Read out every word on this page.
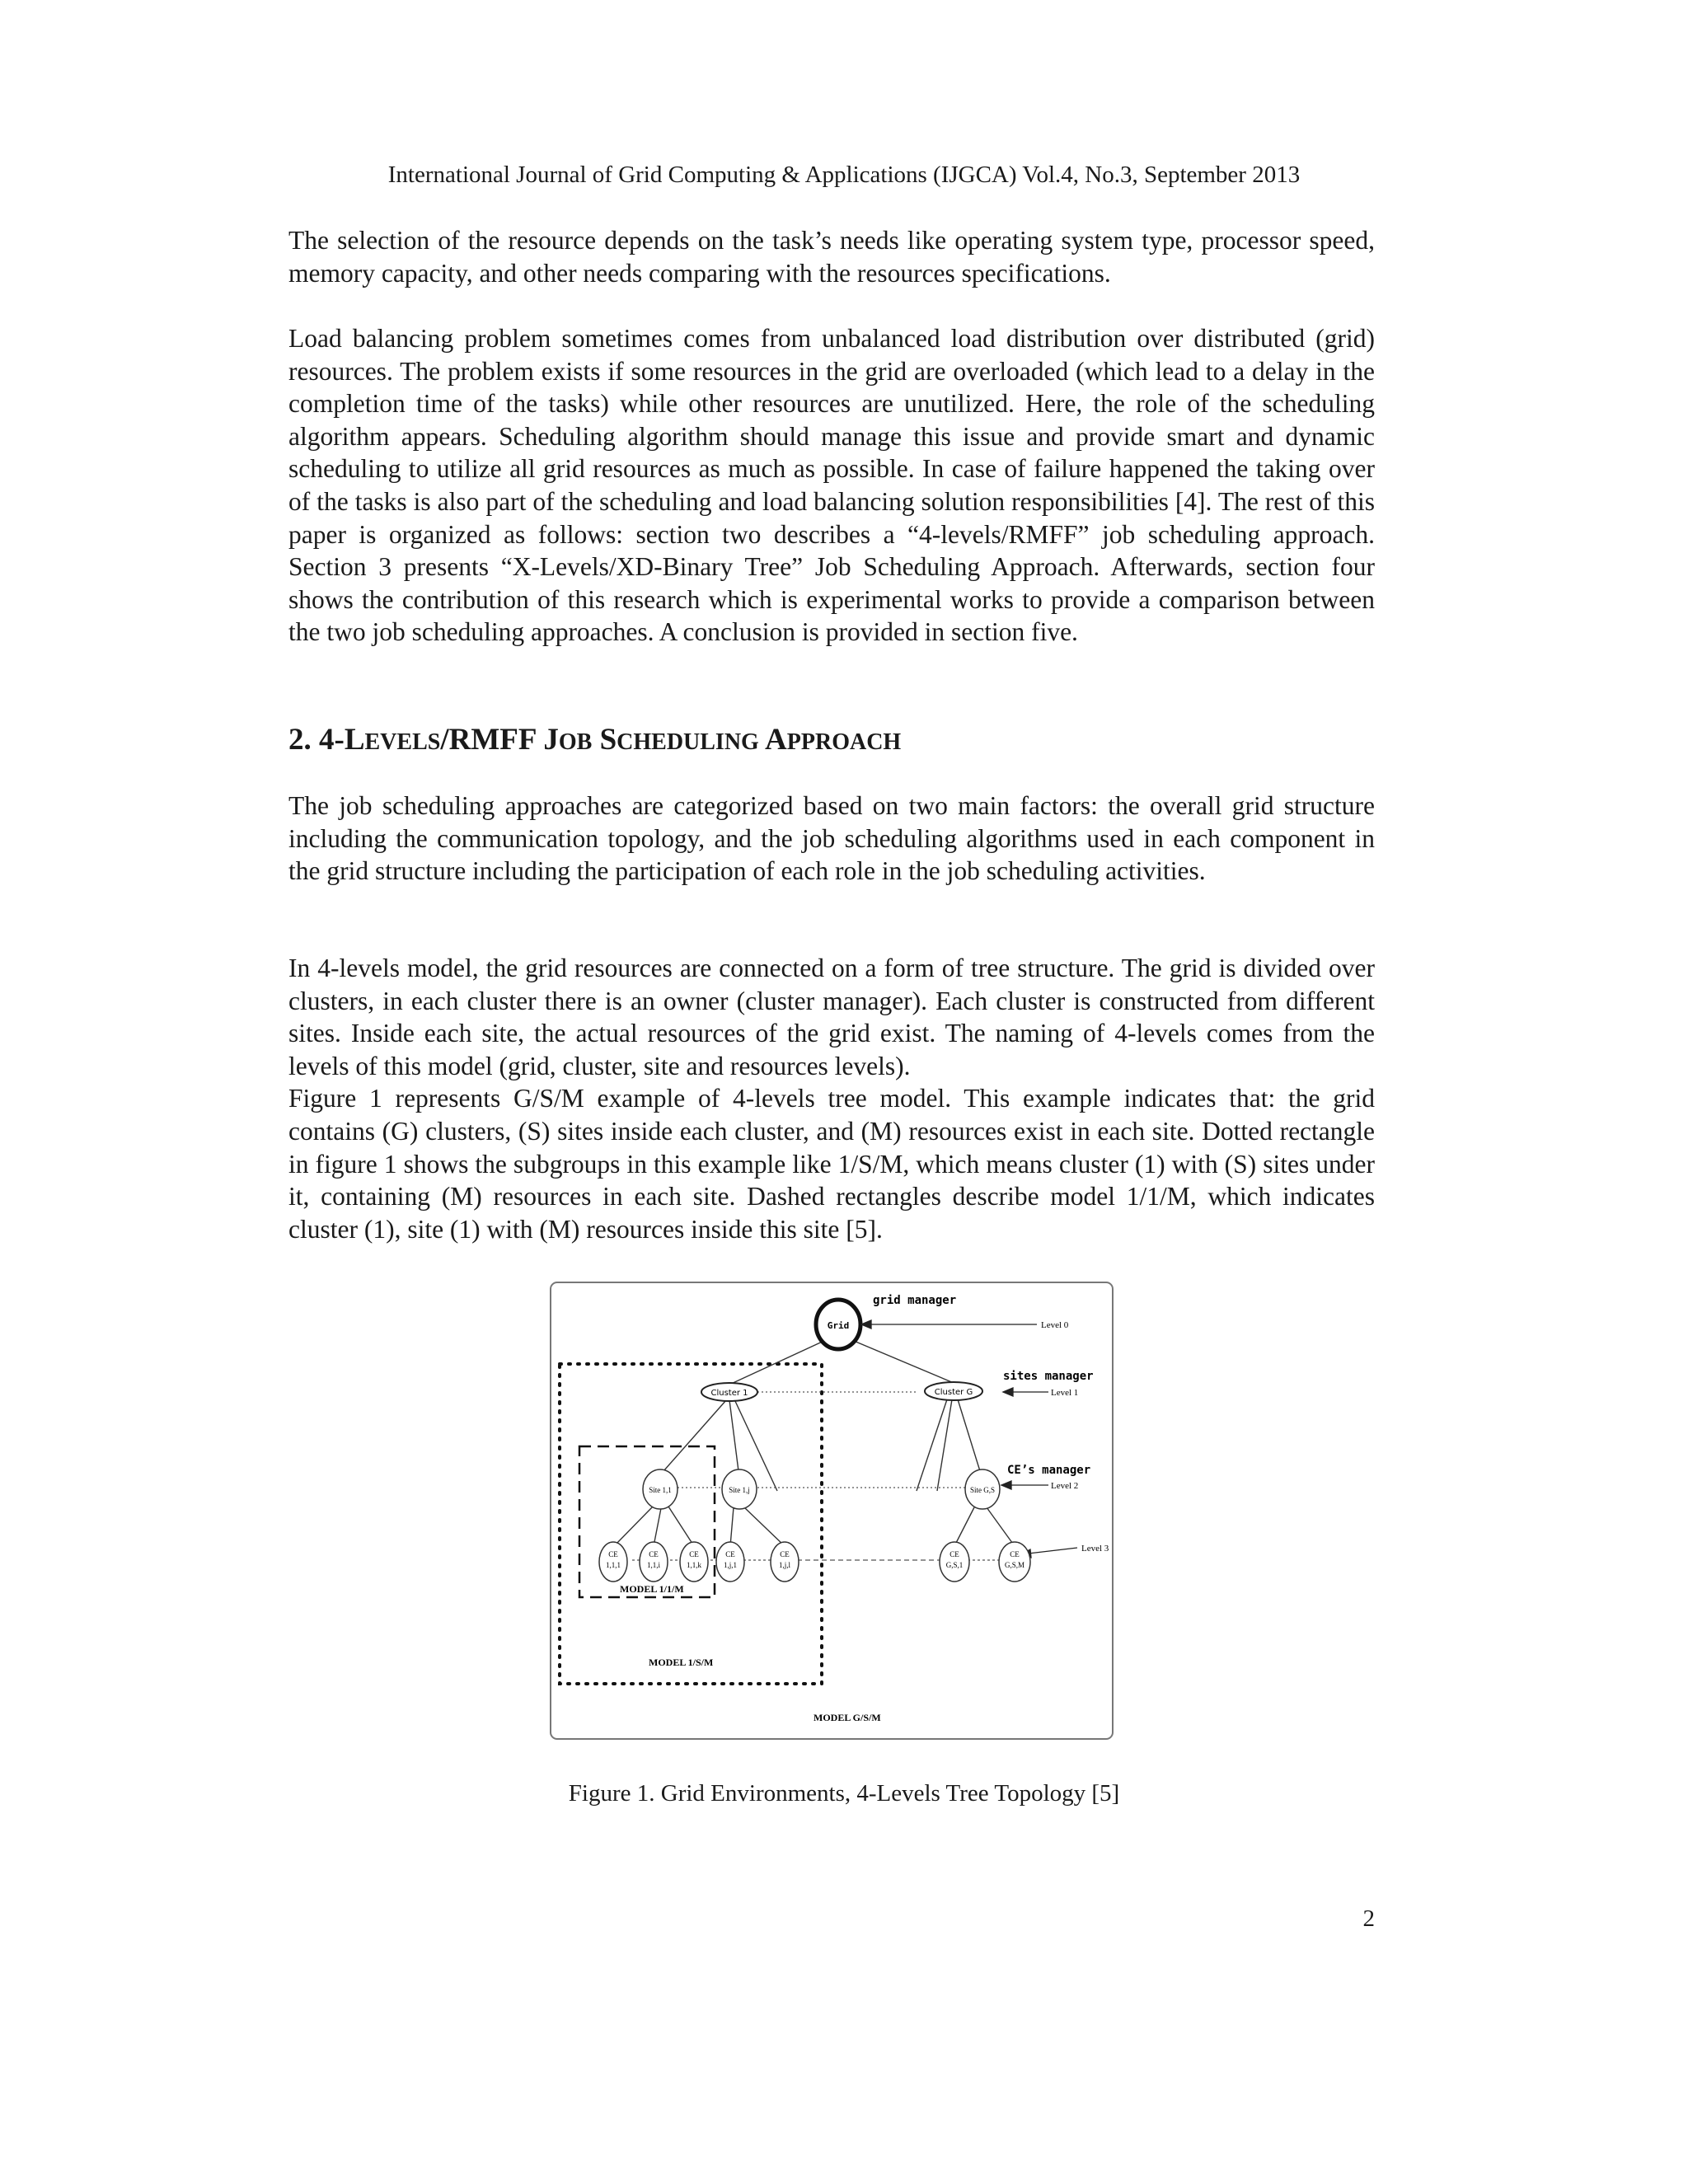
International Journal of Grid Computing & Applications (IJGCA) Vol.4, No.3, September 2013

The selection of the resource depends on the task’s needs like operating system type, processor speed, memory capacity, and other needs comparing with the resources specifications.

Load balancing problem sometimes comes from unbalanced load distribution over distributed (grid) resources. The problem exists if some resources in the grid are overloaded (which lead to a delay in the completion time of the tasks) while other resources are unutilized. Here, the role of the scheduling algorithm appears. Scheduling algorithm should manage this issue and provide smart and dynamic scheduling to utilize all grid resources as much as possible. In case of failure happened the taking over of the tasks is also part of the scheduling and load balancing solution responsibilities [4]. The rest of this paper is organized as follows: section two describes a “4-levels/RMFF” job scheduling approach. Section 3 presents “X-Levels/XD-Binary Tree” Job Scheduling Approach. Afterwards, section four shows the contribution of this research which is experimental works to provide a comparison between the two job scheduling approaches. A conclusion is provided in section five.

2. 4-LEVELS/RMFF JOB SCHEDULING APPROACH

The job scheduling approaches are categorized based on two main factors: the overall grid structure including the communication topology, and the job scheduling algorithms used in each component in the grid structure including the participation of each role in the job scheduling activities.

In 4-levels model, the grid resources are connected on a form of tree structure. The grid is divided over clusters, in each cluster there is an owner (cluster manager). Each cluster is constructed from different sites. Inside each site, the actual resources of the grid exist. The naming of 4-levels comes from the levels of this model (grid, cluster, site and resources levels).

Figure 1 represents G/S/M example of 4-levels tree model. This example indicates that: the grid contains (G) clusters, (S) sites inside each cluster, and (M) resources exist in each site. Dotted rectangle in figure 1 shows the subgroups in this example like 1/S/M, which means cluster (1) with (S) sites under it, containing (M) resources in each site. Dashed rectangles describe model 1/1/M, which indicates cluster (1), site (1) with (M) resources inside this site [5].

Grid
grid manager
Level 0
Level 1
Level 2
Level 3
sites manager
CE’s manager
Cluster 1	Cluster G
Site 1,1	Site 1,j	Site G,S
CE
1,1,1
CE
1,1,i
CE
1,1,k
CE
1,j,1
CE
1,j,l
CE
G,S,1
CE
G,S,M
MODEL 1/1/M
MODEL 1/S/M
MODEL G/S/M
Figure 1. Grid Environments, 4-Levels Tree Topology [5]
2
